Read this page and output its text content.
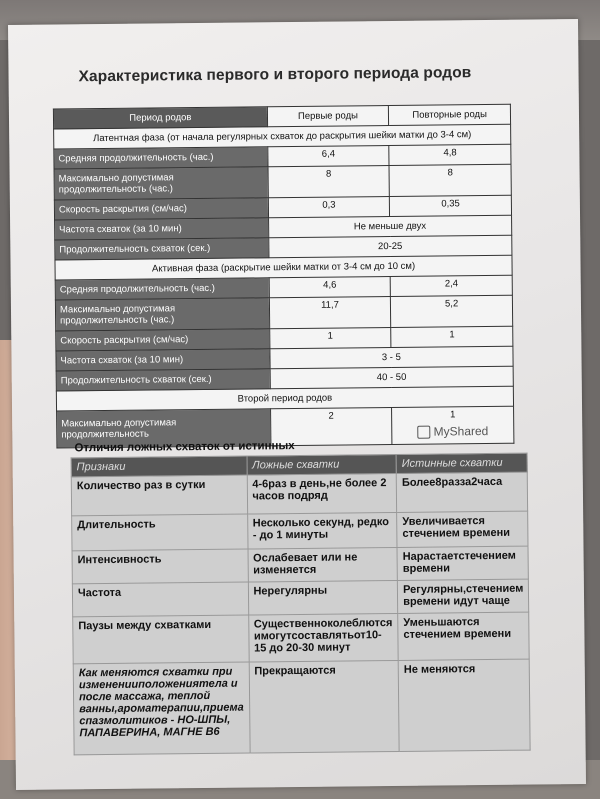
Характеристика первого и второго периода родов
Период родов	Первые роды	Повторные роды
Латентная фаза (от начала регулярных схваток до раскрытия шейки матки до 3-4 см)		
Средняя продолжительность (час.)	6,4	4,8
Максимально допустимая продолжительность (час.)	8	8
Скорость раскрытия (см/час)	0,3	0,35
Частота схваток (за 10 мин)	Не меньше двух	
Продолжительность схваток (сек.)	20-25	
Активная фаза (раскрытие шейки матки от 3-4 см до 10 см)		
Средняя продолжительность (час.)	4,6	2,4
Максимально допустимая продолжительность (час.)	11,7	5,2
Скорость раскрытия (см/час)	1	1
Частота схваток (за 10 мин)	3 - 5	
Продолжительность схваток (сек.)	40 - 50	
Второй период родов		
Максимально допустимая продолжительность	2	1
MyShared
Отличия ложных схваток от истинных
Признаки	Ложные схватки	Истинные схватки
Количество раз в сутки	4-6раз в день,не более 2 часов подряд	Более8разза2часа
Длительность	Несколько секунд, редко - до 1 минуты	Увеличивается стечением времени
Интенсивность	Ослабевает или не изменяется	Нарастаетстечением времени
Частота	Нерегулярны	Регулярны,стечением времени идут чаще
Паузы между схватками	Существенноколеблются имогутсоставлятьот10-15 до 20-30 минут	Уменьшаются стечением времени
Как меняются схватки при измененииположениятела и после массажа, теплой ванны,ароматерапии,приема спазмолитиков - НО-ШПЫ, ПАПАВЕРИНА, МАГНЕ В6	Прекращаются	Не меняются
